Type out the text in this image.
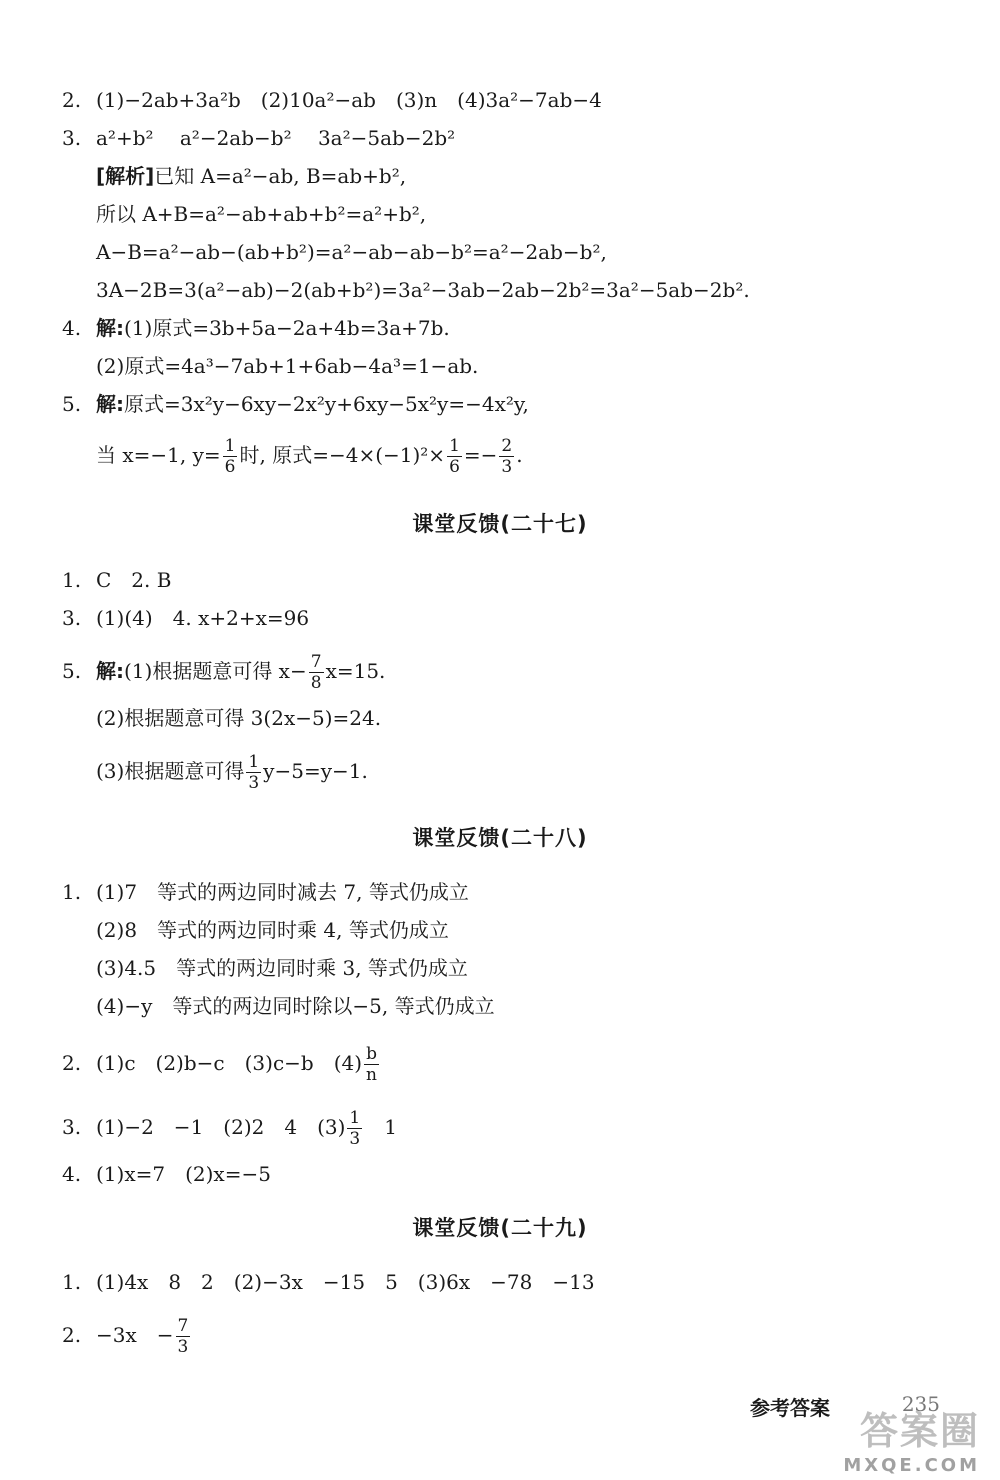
2. (1)−2ab+3a²b　(2)10a²−ab　(3)n　(4)3a²−7ab−4
3. a²+b²　 a²−2ab−b²　 3a²−5ab−2b²
[解析]已知 A=a²−ab, B=ab+b²,
所以 A+B=a²−ab+ab+b²=a²+b²,
A−B=a²−ab−(ab+b²)=a²−ab−ab−b²=a²−2ab−b²,
3A−2B=3(a²−ab)−2(ab+b²)=3a²−3ab−2ab−2b²=3a²−5ab−2b².
4. 解:(1)原式=3b+5a−2a+4b=3a+7b.
(2)原式=4a³−7ab+1+6ab−4a³=1−ab.
5. 解:原式=3x²y−6xy−2x²y+6xy−5x²y=−4x²y,
当 x=−1, $y= \frac{1}{6}$ 时, 原式$=-4\times(-1)^2\times \frac{1}{6} =- \frac{2}{3}$ .
课堂反馈(二十七)
1. C　2. B
3. (1)(4)　4. x+2+x=96
5. 解:(1)根据题意可得 $x- \frac{7}{8} x=15$.
(2)根据题意可得 3(2x−5)=24.
(3)根据题意可得 $\frac{1}{3} y-5=y-1$.
课堂反馈(二十八)
1. (1)7　等式的两边同时减去 7, 等式仍成立
(2)8　等式的两边同时乘 4, 等式仍成立
(3)4.5　等式的两边同时乘 3, 等式仍成立
(4)−y　等式的两边同时除以−5, 等式仍成立
2. (1)c　(2)b−c　(3)c−b　$(4) \frac{b}{n}$
3. (1)−2　−1　(2)2　4　$(3) \frac{1}{3}$ 　1
4. (1)x=7　(2)x=−5
课堂反馈(二十九)
1. (1)4x　8　2　(2)−3x　−15　5　(3)6x　−78　−13
2. −3x　− $\frac{7}{3}$
参考答案	235
答案圈
MXQE.COM
